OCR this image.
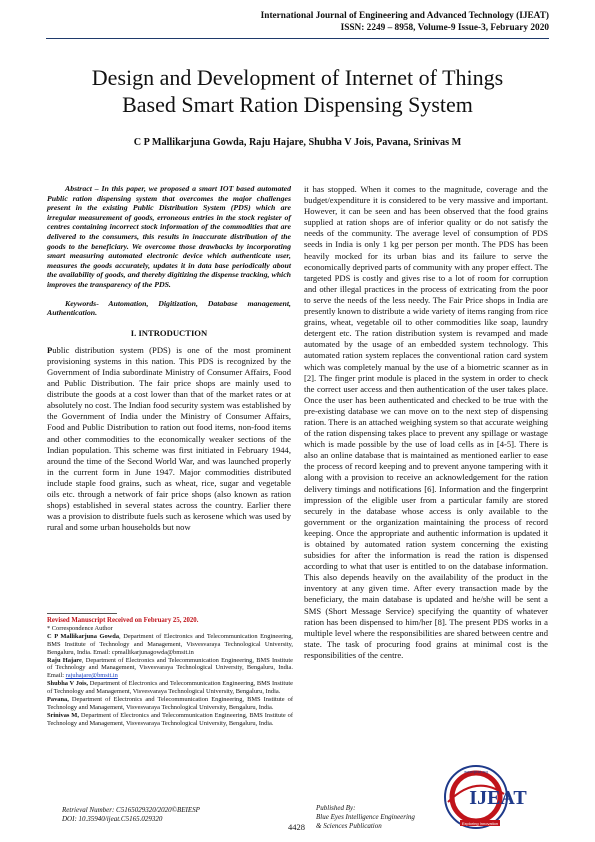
International Journal of Engineering and Advanced Technology (IJEAT)
ISSN: 2249 – 8958, Volume-9 Issue-3, February 2020
Design and Development of Internet of Things
Based Smart Ration Dispensing System
C P Mallikarjuna Gowda, Raju Hajare, Shubha V Jois, Pavana, Srinivas M

Abstract – In this paper, we proposed a smart IOT based automated Public ration dispensing system that overcomes the major challenges present in the existing Public Distribution System (PDS) which are irregular measurement of goods, erroneous entries in the stock register of centres containing incorrect stock information of the commodities that are delivered to the consumers, this results in inaccurate distribution of the goods to the beneficiary. We overcome those drawbacks by incorporating smart measuring automated electronic device which authenticate user, measures the goods accurately, updates it in data base periodically about the availability of goods, and thereby digitizing the dispense tracking, which improves the transparency of the PDS.

Keywords- Automation, Digitization, Database management, Authentication.

I. INTRODUCTION

Public distribution system (PDS) is one of the most prominent provisioning systems in this nation. This PDS is recognized by the Government of India subordinate Ministry of Consumer Affairs, Food and Public Distribution. The fair price shops are mainly used to distribute the goods at a cost lower than that of the market rates or at absolutely no cost. The Indian food security system was established by the Government of India under the Ministry of Consumer Affairs, Food and Public Distribution to ration out food items, non-food items and other commodities to the economically weaker sections of the Indian population. This scheme was first initiated in February 1944, around the time of the Second World War, and was launched properly in the current form in June 1947. Major commodities distributed include staple food grains, such as wheat, rice, sugar and vegetable oils etc. through a network of fair price shops (also known as ration shops) established in several states across the country. Earlier there was a provision to distribute fuels such as kerosene which was used by rural and some urban households but now

it has stopped. When it comes to the magnitude, coverage and the budget/expenditure it is considered to be very massive and important. However, it can be seen and has been observed that the food grains supplied at ration shops are of inferior quality or do not satisfy the needs of the community. The average level of consumption of PDS seeds in India is only 1 kg per person per month. The PDS has been heavily mocked for its urban bias and its failure to serve the economically deprived parts of community with any proper effect. The targeted PDS is costly and gives rise to a lot of room for corruption and other illegal practices in the process of extricating from the poor to serve the needs of the less needy. The Fair Price shops in India are presently known to distribute a wide variety of items ranging from rice grains, wheat, vegetable oil to other commodities like soap, laundry detergent etc. The ration distribution system is revamped and made automated by the usage of an embedded system technology. This automated ration system replaces the conventional ration card system which was completely manual by the use of a biometric scanner as in [2]. The finger print module is placed in the system in order to check the correct user access and then authentication of the user takes place. Once the user has been authenticated and checked to be true with the pre-existing database we can move on to the next step of dispensing ration. There is an attached weighing system so that accurate weighing of the ration dispensing takes place to prevent any spillage or wastage which is made possible by the use of load cells as in [4-5]. There is also an online database that is maintained as mentioned earlier to ease the process of record keeping and to prevent anyone tampering with it along with a provision to receive an acknowledgement for the ration delivery timings and notifications [6]. Information and the fingerprint impression of the eligible user from a particular family are stored securely in the database whose access is only available to the government or the organization maintaining the process of record keeping. Once the appropriate and authentic information is updated it is obtained by automated ration system concerning the existing subsidies for after the information is read the ration is dispensed according to what that user is entitled to on the database information. This also depends heavily on the availability of the product in the inventory at any given time. After every transaction made by the beneficiary, the main database is updated and he/she will be sent a SMS (Short Message Service) specifying the quantity of whatever ration has been dispensed to him/her [8]. The present PDS works in a multiple level where the responsibilities are shared between centre and state. The task of procuring food grains at minimal cost is the responsibilities of the centre.

Revised Manuscript Received on February 25, 2020.
* Correspondence Author
C P Mallikarjuna Gowda, Department of Electronics and Telecommunication Engineering, BMS Institute of Technology and Management, Visvesvaraya Technological University, Bengaluru, India. Email: cpmallikarjunagowda@bmsit.in
Raju Hajare, Department of Electronics and Telecommunication Engineering, BMS Institute of Technology and Management, Visvesvaraya Technological University, Bengaluru, India. Email: rajuhajare@bmsit.in
Shubha V Jois, Department of Electronics and Telecommunication Engineering, BMS Institute of Technology and Management, Visvesvaraya Technological University, Bengaluru, India.
Pavana, Department of Electronics and Telecommunication Engineering, BMS Institute of Technology and Management, Visvesvaraya Technological University, Bengaluru, India.
Srinivas M, Department of Electronics and Telecommunication Engineering, BMS Institute of Technology and Management, Visvesvaraya Technological University, Bengaluru, India.
Retrieval Number: C5165029320/2020©BEIESP
DOI: 10.35940/ijeat.C5165.029320
4428
Published By:
Blue Eyes Intelligence Engineering
& Sciences Publication
IJEAT
www.ijeat.org
Exploring Innovation
